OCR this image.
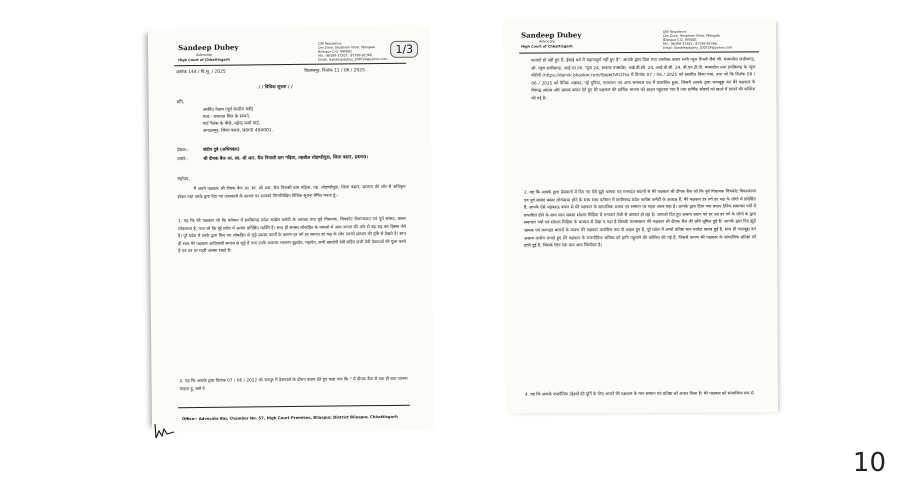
Sandeep Dubey
Advocate
High Court of Chhattisgarh
Off/ Residence:
Om Zone, Shubham Vihar, Mangala
Bilaspur C.G. 495001
Mo.: 96399-37203 , 87709-82366,
Email: Sandeepdubey_200724@yahoo.com
1/3
क्रमांक 144 / वि.सू. / 2025	बिलासपुर, दिनांक 11 / 06 / 2025
/ / विधिक सूचना / /
प्रति,
अरविंद नेताम (पूर्व केन्द्रीय मंत्री)
पता:- जगतात मिल के सामने,
पार्ट पैलेस के पीछे, महेन्द्र कर्मा वार्ड,
जगदलपुर, जिला बस्तर, छ0ग0 494001.
प्रेषक:-	संदीप दुबे (अधिवक्ता)
वास्ते:-	श्री दीपक बैज आ. स्व. श्री आर. बैज निवासी ग्राम गढ़िया, तहसील लोहण्डीगुडा, जिला बस्तर, छ0ग0।
महोदय,
मैं अपने पक्षकार श्री दीपक बैज आ. स्व. श्री आर. बैज निवासी ग्राम गढ़िया, तह. लोहण्डीगुडा, जिला बस्तर, छ0ग0 की ओर से अधिकृत होकर तथा उनके द्वारा दिए गए जानकारी के आधार पर आपको निम्नलिखित विधिक सूचना प्रेषित करता हूं:-
1. यह कि मेरे पक्षकार जो कि वर्तमान में छत्तीसगढ़ प्रदेश कांग्रेस कमेटी के अध्यक्ष तथा पूर्व विधायक, चित्रकोट विधानसभा एवं पूर्व सांसद, बस्तर लोकसभा है, तथा जो कि पूरे प्रदेश में अत्यंत प्रतिष्ठित व्यक्ति है। साथ ही समस्त लोकहित के मामलो में आम जनता की ओर से बढ़ चढ़ कर हिस्सा लेते है। पूरे प्रदेश में उनके द्वारा किए गए लोकहित से जुड़े समस्त कार्यों के कारण हर वर्ग हर समाज हर पक्ष के लोग उनको सम्मान की दृष्टि से देखते है। साथ ही साथ मेरे पक्षकार आदिवासी समाज से जुड़े है तथा उनके आराध्य भगवान बूढ़ादेव, महादेव, सभी ग्रामदेवी देवी सहित सभी देवी देवताओं की पूजा करते है एवं उन पर गहरी आस्था रखते है।
2. यह कि आपके द्वारा दिनांक 07 / 06 / 2022 को रायपुर में प्रेसवार्ता के दौरान बयान देते हुए कहा गया कि " मैं दीपक बैज से एक ही बात जानना चाहता हूं, क्यों वे
Office:- Advocate Bar, Chamber No. 57, High Court Premises, Bilaspur, District Bilaspur, Chhattisgarh
Sandeep Dubey
Advocate
High Court of Chhattisgarh
Off/ Residence:
Om Zone, Shubham Vihar, Mangala
Bilaspur C.G. 495001
Mo.: 96399-37203 , 87709-82366,
Email: Sandeepdubey_200724@yahoo.com
कनवर्ट हो नहीं हुए हैं, ईसाई धर्म में महात्वपूर्ण नहीं हुए हैं", आपके द्वारा दिया गया उपरोक्त बयान सभी न्यूज चैनलों जैसे जी. मध्यप्रदेश छत्तीसगढ़, जी. न्यूज छत्तीसगढ़, आई.एन.एच. न्यूज 24, स्वराज एक्सप्रेस, आई.बी.सी. 24, आई.बी.सी. 24, बी.एन.टी.वी. मध्यप्रदेश तथा छत्तीसगढ़ के न्यूज पोर्टलों (https://dainik.bhaskar.com/9joJeDVh1Tb) में दिनांक 07 / 06 / 2025 को प्रसारित किया गया, तथा जो कि दिनांक 08 / 06 / 2025 को दैनिक भास्कर, नई दुनिया, नवभारत एवं अन्य समाचार पत्र में प्रकाशित हुआ, जिसमें आपके द्वारा जानबूझ कर मेरे पक्षकार के विरूद्ध असत्य और भ्रामक बयान देते हुए मेरे पक्षकार की धार्मिक भावना को आहत पहुंचाया गया है तथा धार्मिक सौहार्द को खतरे में डालने की कोशिश की गई है।
3. यह कि आपके द्वारा प्रेसवार्ता में दिए गए ऐसे झूठे भ्रामक एवं मनगढ़ंत बयानों से मेरे पक्षकार श्री दीपक बैज जो कि पूर्व विधायक चित्रकोट विधानसभा एवं पूर्व सांसद बस्तर लोकसभा होने के साथ साथ वर्तमान में छत्तीसगढ़ प्रदेश कांग्रेस कमेटी के अध्यक्ष है, मेरे पक्षकार हर वर्ग हर पक्ष के लोगो में प्रतिष्ठित हैं, आपके ऐसे भड़काऊ बयान से मेरे पक्षकार के सामाजिक प्रभाव एवं सम्मान पर गहरा असर पड़ा है। आपके द्वारा दिया गया बयान दैनिक समाचार पत्रों में प्रकाशित होने के साथ साथ समस्त सोशल मिडिया में लगातार तेजी से वायरल हो रहा है। आपको दिए हुए असत्य बयान को हर उम्र हर वर्ग के लोगो के द्वारा समाचार पत्रों एवं सोशल मिडिया के माध्यम से देखा व पढ़ा है जिसके फलस्वरूप मेरे पक्षकार श्री दीपक बैज की छवि धूमिल हुई है। आपके द्वारा दिए झूठे भ्रामक एवं मनगढ़ंत बयानों के कारण मेरे पक्षकार मानसिक रूप से आहत हुए हैं, पूरे प्रदेश में अन्यों प्रतिष्ठा मान मर्यादा खराब हुई है, साथ ही जानबूझ कर असत्य आरोप लगाते हुए मेरे पक्षकार के राजनीतिक भविष्य को हानि पहुंचाने की कोशिश की गई है, जिससे कारण मेरे पक्षकार के सामाजिक प्रतिष्ठा को हानि हुई है, जिसके लिए एक मात्र आप जिम्मेदार है।
4. यह कि आपके राजनैतिक उद्देश्यों की पूर्ति के लिए आपने मेरे पक्षकार के मान सम्मान एवं प्रतिष्ठा को आहत किया है। मेरे पक्षकार को सामाजिक रूप से
10
